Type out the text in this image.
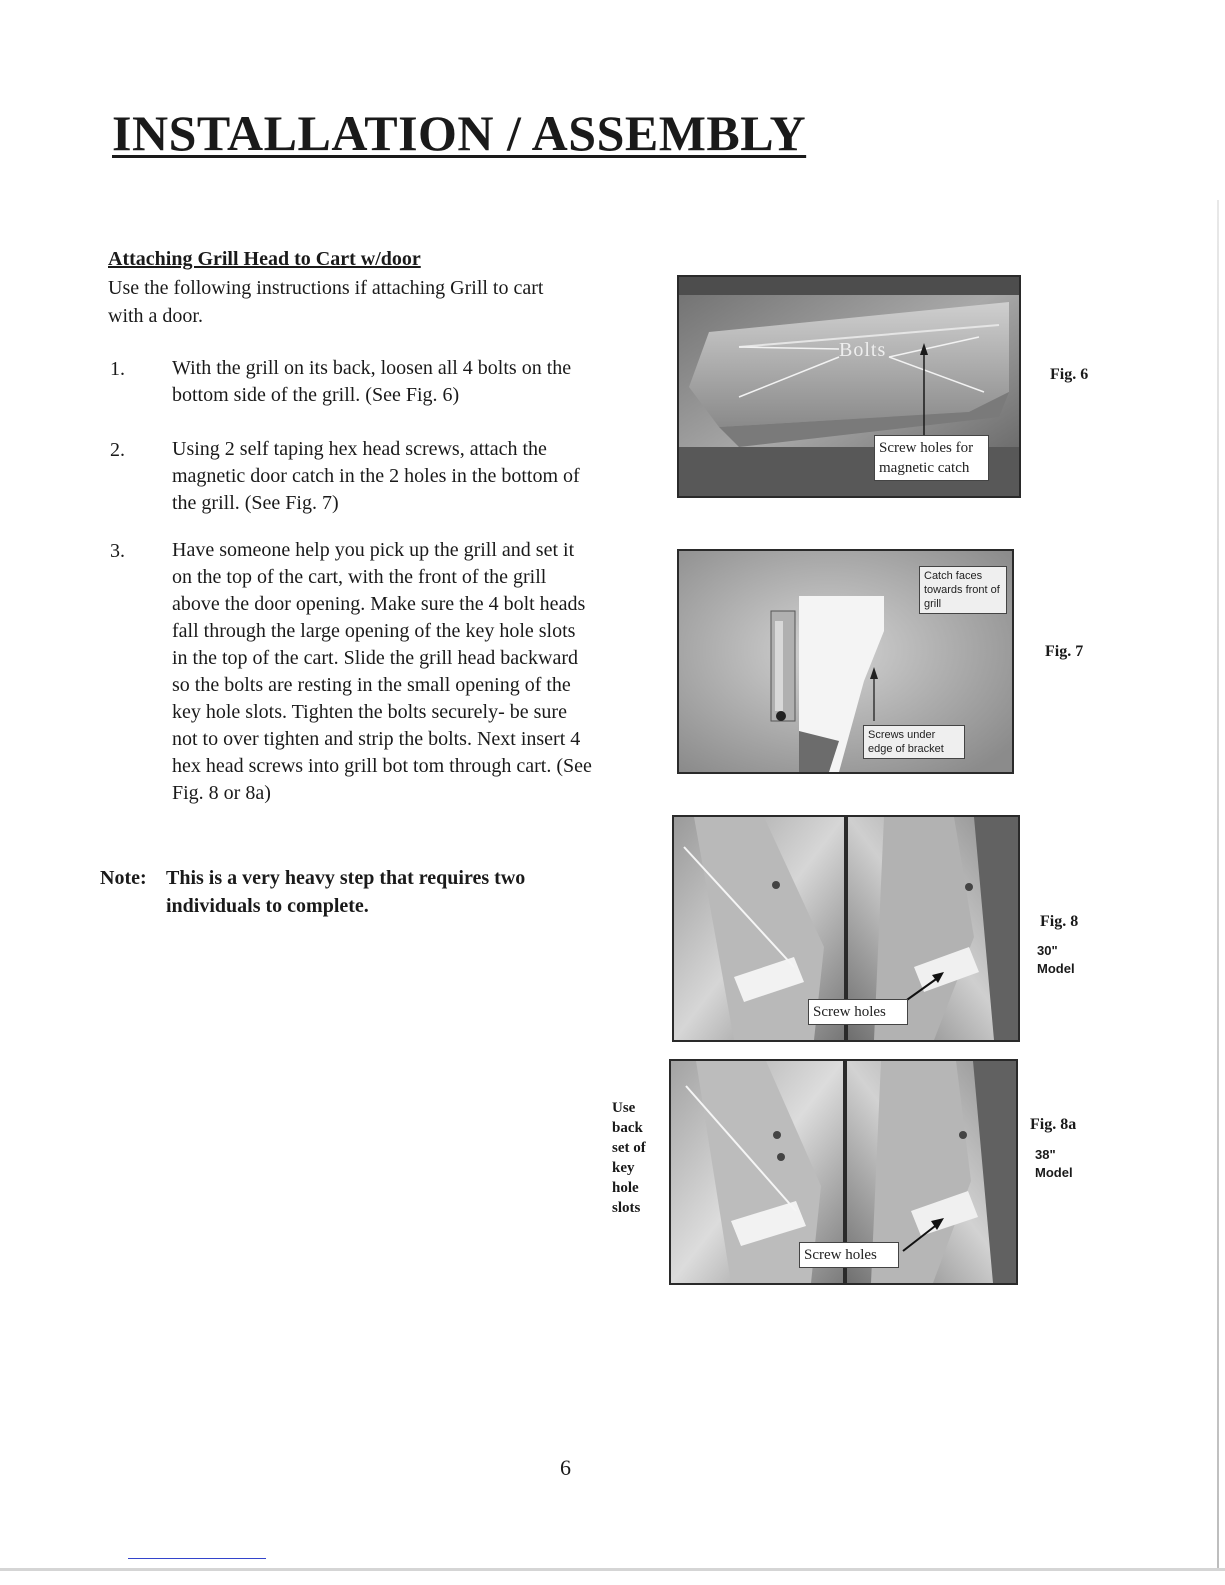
INSTALLATION / ASSEMBLY
Attaching Grill Head to Cart w/door
Use the following instructions if attaching Grill to cart with a door.
1. With the grill on its back, loosen all 4 bolts on the bottom side of the grill. (See Fig. 6)
2. Using 2 self taping hex head screws, attach the magnetic door catch in the 2 holes in the bottom of the grill. (See Fig. 7)
3. Have someone help you pick up the grill and set it on the top of the cart, with the front of the grill above the door opening. Make sure the 4 bolt heads fall through the large opening of the key hole slots in the top of the cart. Slide the grill head backward so the bolts are resting in the small opening of the key hole slots. Tighten the bolts securely- be sure not to over tighten and strip the bolts. Next insert 4 hex head screws into grill bot tom through cart. (See Fig. 8 or 8a)
Note: This is a very heavy step that requires two individuals to complete.
6
Bolts
Screw holes for magnetic catch
Fig. 6
Catch faces towards front of grill
Screws under edge of bracket
Fig. 7
Screw holes
Fig. 8
30" Model
Use back set of key hole slots
Screw holes
Fig. 8a
38" Model
